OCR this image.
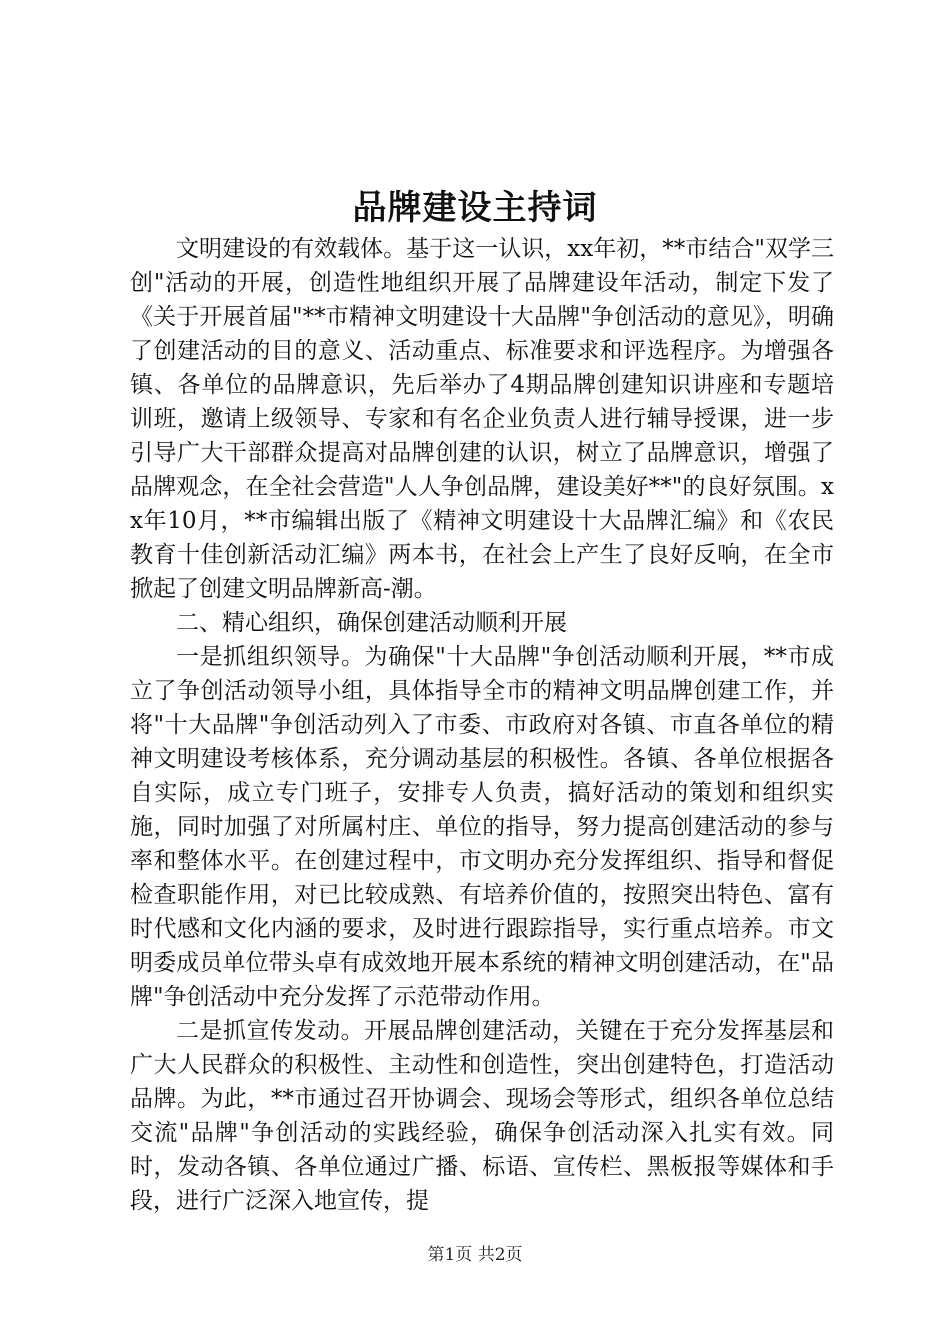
品牌建设主持词

文明建设的有效载体。基于这一认识，xx年初，**市结合"双学三创"活动的开展，创造性地组织开展了品牌建设年活动，制定下发了《关于开展首届"**市精神文明建设十大品牌"争创活动的意见》，明确了创建活动的目的意义、活动重点、标准要求和评选程序。为增强各镇、各单位的品牌意识，先后举办了4期品牌创建知识讲座和专题培训班，邀请上级领导、专家和有名企业负责人进行辅导授课，进一步引导广大干部群众提高对品牌创建的认识，树立了品牌意识，增强了品牌观念，在全社会营造"人人争创品牌，建设美好**"的良好氛围。xx年10月，**市编辑出版了《精神文明建设十大品牌汇编》和《农民教育十佳创新活动汇编》两本书，在社会上产生了良好反响，在全市掀起了创建文明品牌新高-潮。

二、精心组织，确保创建活动顺利开展

一是抓组织领导。为确保"十大品牌"争创活动顺利开展，**市成立了争创活动领导小组，具体指导全市的精神文明品牌创建工作，并将"十大品牌"争创活动列入了市委、市政府对各镇、市直各单位的精神文明建设考核体系，充分调动基层的积极性。各镇、各单位根据各自实际，成立专门班子，安排专人负责，搞好活动的策划和组织实施，同时加强了对所属村庄、单位的指导，努力提高创建活动的参与率和整体水平。在创建过程中，市文明办充分发挥组织、指导和督促检查职能作用，对已比较成熟、有培养价值的，按照突出特色、富有时代感和文化内涵的要求，及时进行跟踪指导，实行重点培养。市文明委成员单位带头卓有成效地开展本系统的精神文明创建活动，在"品牌"争创活动中充分发挥了示范带动作用。

二是抓宣传发动。开展品牌创建活动，关键在于充分发挥基层和广大人民群众的积极性、主动性和创造性，突出创建特色，打造活动品牌。为此，**市通过召开协调会、现场会等形式，组织各单位总结交流"品牌"争创活动的实践经验，确保争创活动深入扎实有效。同时，发动各镇、各单位通过广播、标语、宣传栏、黑板报等媒体和手段，进行广泛深入地宣传，提

第1页 共2页
